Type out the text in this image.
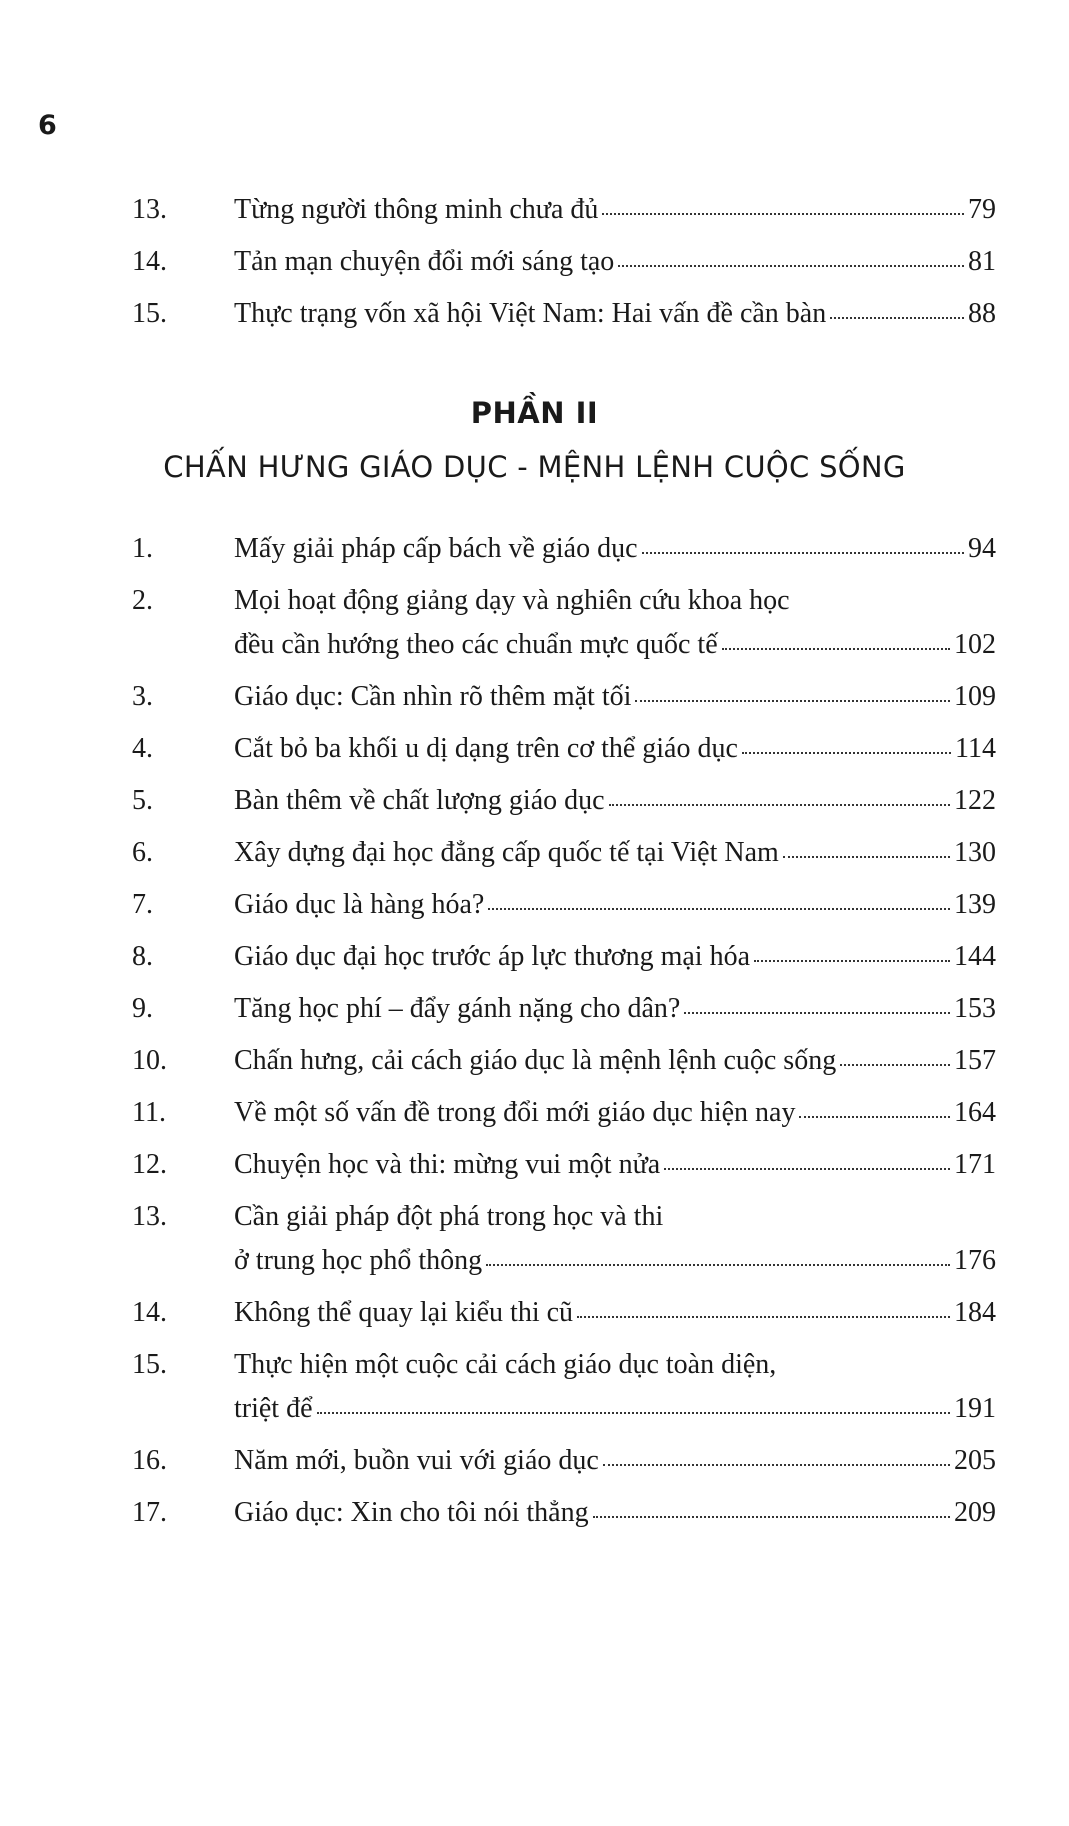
6
13.	Từng người thông minh chưa đủ	79
14.	Tản mạn chuyện đổi mới sáng tạo	81
15.	Thực trạng vốn xã hội Việt Nam: Hai vấn đề cần bàn	88
PHẦN II
CHẤN HƯNG GIÁO DỤC - MỆNH LỆNH CUỘC SỐNG
1.	Mấy giải pháp cấp bách về giáo dục	94
2.	Mọi hoạt động giảng dạy và nghiên cứu khoa học
đều cần hướng theo các chuẩn mực quốc tế	102
3.	Giáo dục: Cần nhìn rõ thêm mặt tối	109
4.	Cắt bỏ ba khối u dị dạng trên cơ thể giáo dục	114
5.	Bàn thêm về chất lượng giáo dục	122
6.	Xây dựng đại học đẳng cấp quốc tế tại Việt Nam	130
7.	Giáo dục là hàng hóa?	139
8.	Giáo dục đại học trước áp lực thương mại hóa	144
9.	Tăng học phí – đẩy gánh nặng cho dân?	153
10.	Chấn hưng, cải cách giáo dục là mệnh lệnh cuộc sống	157
11.	Về một số vấn đề trong đổi mới giáo dục hiện nay	164
12.	Chuyện học và thi: mừng vui một nửa	171
13.	Cần giải pháp đột phá trong học và thi
ở trung học phổ thông	176
14.	Không thể quay lại kiểu thi cũ	184
15.	Thực hiện một cuộc cải cách giáo dục toàn diện,
triệt để	191
16.	Năm mới, buồn vui với giáo dục	205
17.	Giáo dục: Xin cho tôi nói thẳng	209
